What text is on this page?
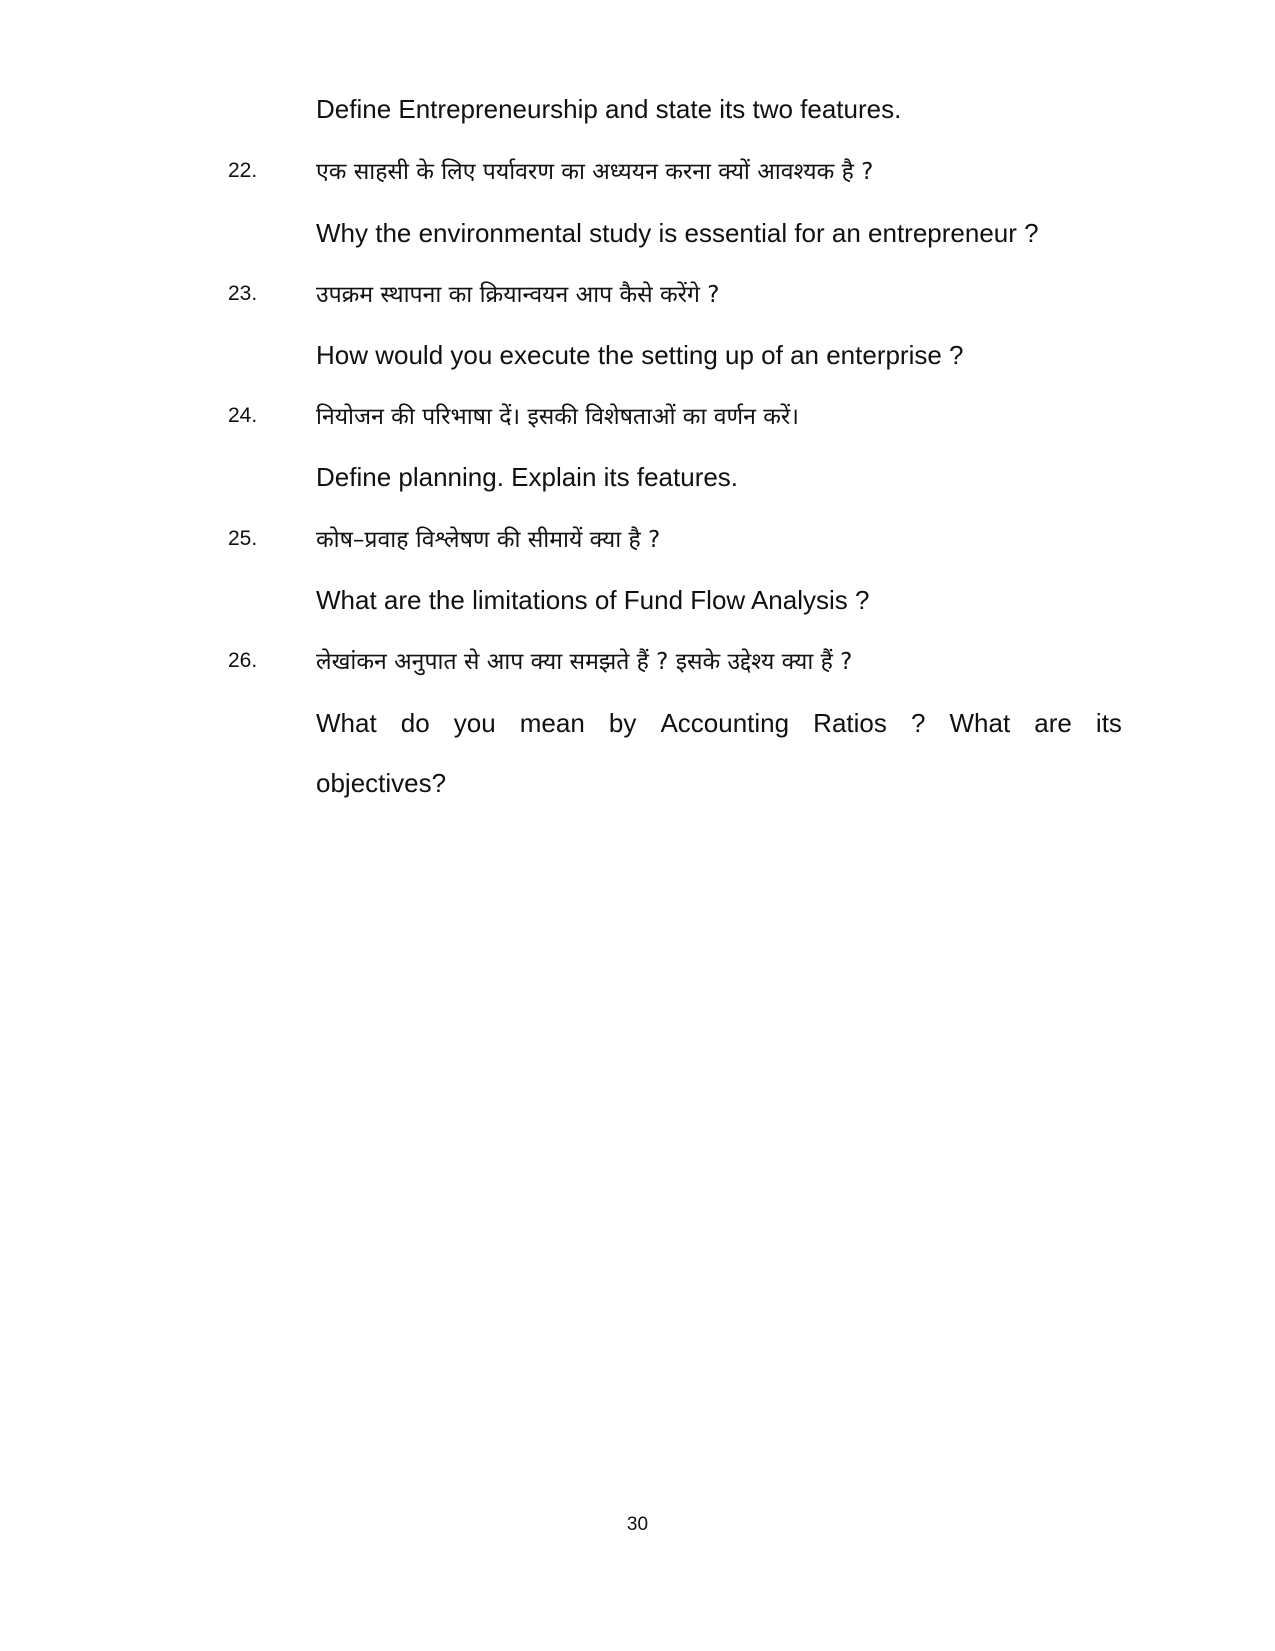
Define Entrepreneurship and state its two features.
22.	एक साहसी के लिए पर्यावरण का अध्ययन करना क्यों आवश्यक है ?
Why the environmental study is essential for an entrepreneur ?
23.	उपक्रम स्थापना का क्रियान्वयन आप कैसे करेंगे ?
How would you execute the setting up of an enterprise ?
24.	नियोजन की परिभाषा दें। इसकी विशेषताओं का वर्णन करें।
Define planning. Explain its features.
25.	कोष–प्रवाह विश्लेषण की सीमायें क्या है ?
What are the limitations of Fund Flow Analysis ?
26.	लेखांकन अनुपात से आप क्या समझते हैं ? इसके उद्देश्य क्या हैं ?
What do you mean by Accounting Ratios ? What are its
objectives?
30
